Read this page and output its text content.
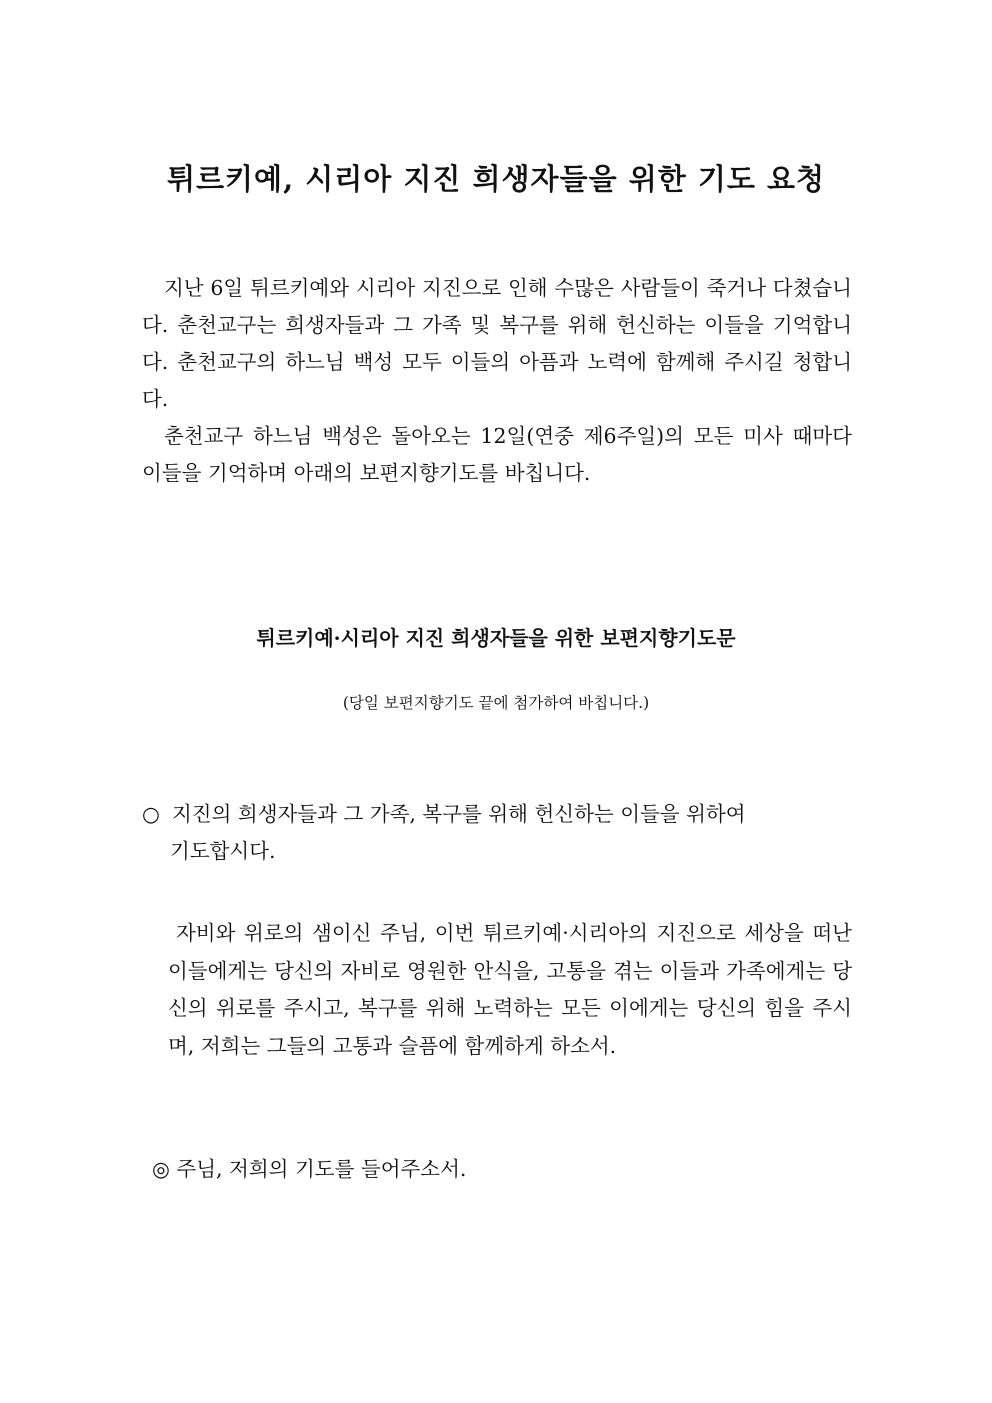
튀르키예, 시리아 지진 희생자들을 위한 기도 요청

지난 6일 튀르키예와 시리아 지진으로 인해 수많은 사람들이 죽거나 다쳤습니다. 춘천교구는 희생자들과 그 가족 및 복구를 위해 헌신하는 이들을 기억합니다. 춘천교구의 하느님 백성 모두 이들의 아픔과 노력에 함께해 주시길 청합니다.

춘천교구 하느님 백성은 돌아오는 12일(연중 제6주일)의 모든 미사 때마다 이들을 기억하며 아래의 보편지향기도를 바칩니다.

튀르키예·시리아 지진 희생자들을 위한 보편지향기도문
(당일 보편지향기도 끝에 첨가하여 바칩니다.)
○ 지진의 희생자들과 그 가족, 복구를 위해 헌신하는 이들을 위하여
기도합시다.

자비와 위로의 샘이신 주님, 이번 튀르키예·시리아의 지진으로 세상을 떠난 이들에게는 당신의 자비로 영원한 안식을, 고통을 겪는 이들과 가족에게는 당신의 위로를 주시고, 복구를 위해 노력하는 모든 이에게는 당신의 힘을 주시며, 저희는 그들의 고통과 슬픔에 함께하게 하소서.

◎ 주님, 저희의 기도를 들어주소서.
